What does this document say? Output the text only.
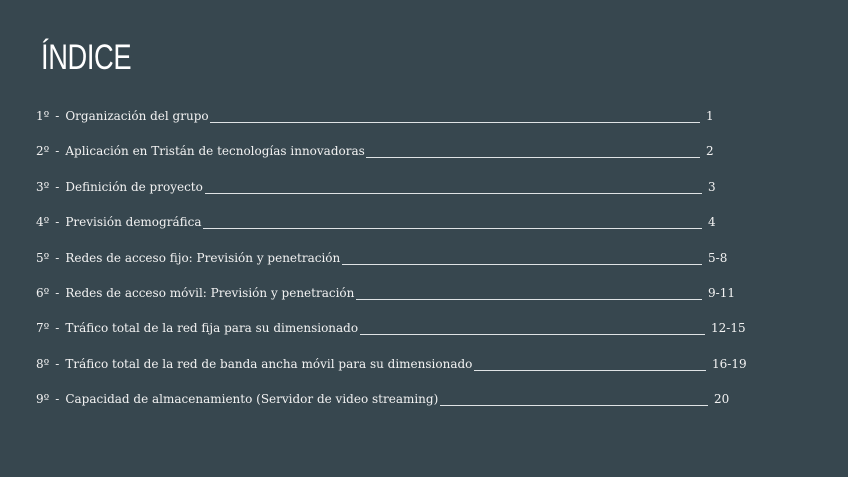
ÍNDICE
1º - Organización del grupo	1
2º - Aplicación en Tristán de tecnologías innovadoras	2
3º - Definición de proyecto	3
4º - Previsión demográfica	4
5º - Redes de acceso fijo: Previsión y penetración	5-8
6º - Redes de acceso móvil: Previsión y penetración	9-11
7º - Tráfico total de la red fija para su dimensionado	12-15
8º - Tráfico total de la red de banda ancha móvil para su dimensionado	16-19
9º - Capacidad de almacenamiento (Servidor de video streaming)	20
